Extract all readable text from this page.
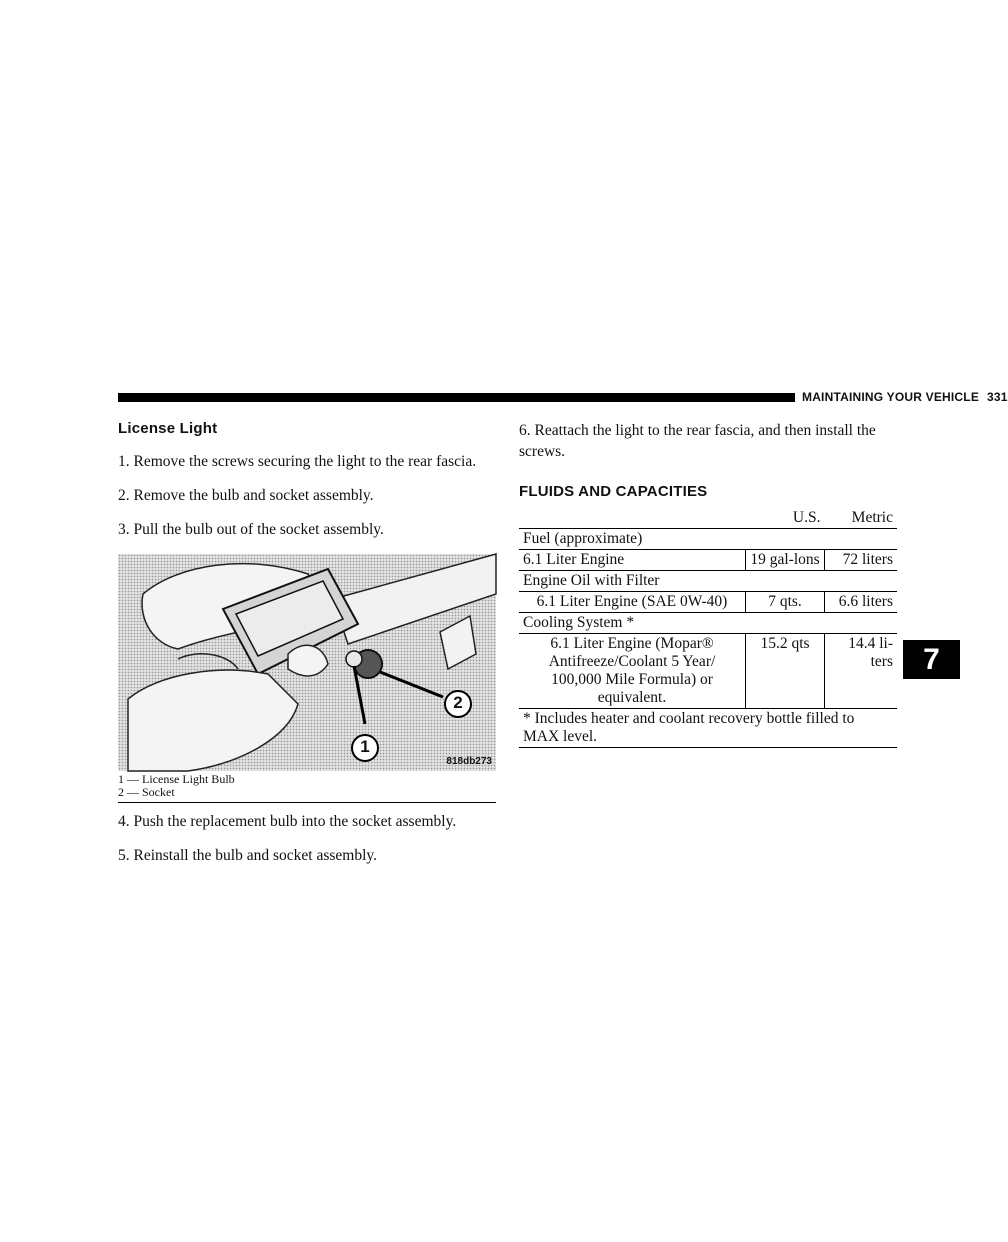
MAINTAINING YOUR VEHICLE 331
7
License Light

1. Remove the screws securing the light to the rear fascia.

2. Remove the bulb and socket assembly.

3. Pull the bulb out of the socket assembly.

1
2
818db273
1 — License Light Bulb
2 — Socket

4. Push the replacement bulb into the socket assembly.

5. Reinstall the bulb and socket assembly.

6. Reattach the light to the rear fascia, and then install the screws.

FLUIDS AND CAPACITIES
	U.S.	Metric
Fuel (approximate)		
6.1 Liter Engine	19 gal-lons	72 liters
Engine Oil with Filter		
6.1 Liter Engine (SAE 0W-40)	7 qts.	6.6 liters
Cooling System *		
6.1 Liter Engine (Mopar® Antifreeze/Coolant 5 Year/ 100,000 Mile Formula) or equivalent.	15.2 qts	14.4 li-ters
* Includes heater and coolant recovery bottle filled to MAX level.		
